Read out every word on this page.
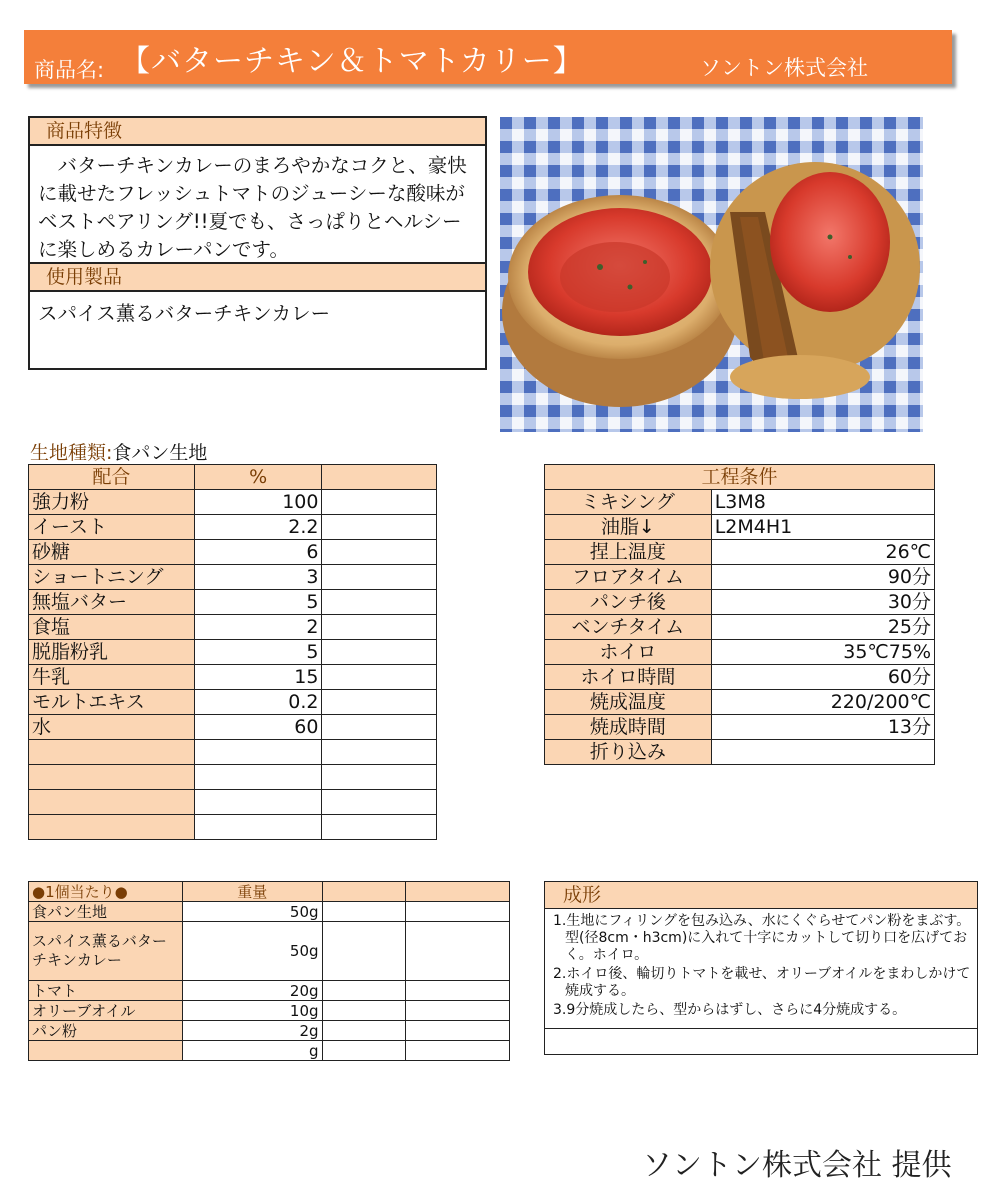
商品名: 【バターチキン＆トマトカリー】	ソントン株式会社
商品特徴
　バターチキンカレーのまろやかなコクと、豪快に載せたフレッシュトマトのジューシーな酸味がベストペアリング!!夏でも、さっぱりとヘルシーに楽しめるカレーパンです。
使用製品
スパイス薫るバターチキンカレー
生地種類:食パン生地
配合	%	
強力粉	100	
イースト	2.2	
砂糖	6	
ショートニング	3	
無塩バター	5	
食塩	2	
脱脂粉乳	5	
牛乳	15	
モルトエキス	0.2	
水	60	

工程条件	
ミキシング	L3M8
油脂↓	L2M4H1
捏上温度	26℃
フロアタイム	90分
パンチ後	30分
ベンチタイム	25分
ホイロ	35℃75%
ホイロ時間	60分
焼成温度	220/200℃
焼成時間	13分
折り込み	
●1個当たり●	重量		
食パン生地	50g		
スパイス薫るバターチキンカレー	50g		
トマト	20g		
オリーブオイル	10g		
パン粉	2g		
	g		
成形

1.生地にフィリングを包み込み、水にくぐらせてパン粉をまぶす。型(径8cm・h3cm)に入れて十字にカットして切り口を広げておく。ホイロ。

2.ホイロ後、輪切りトマトを載せ、オリーブオイルをまわしかけて焼成する。

3.9分焼成したら、型からはずし、さらに4分焼成する。

ソントン株式会社 提供
